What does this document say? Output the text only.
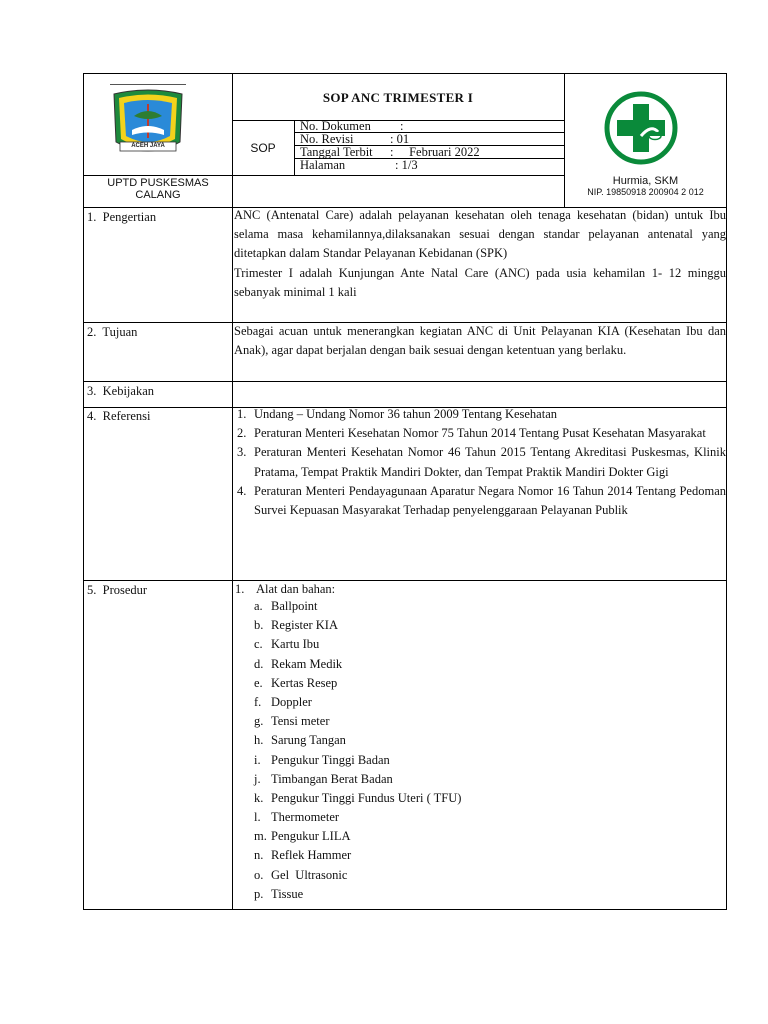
ACEH JAYA
SOP ANC TRIMESTER I
SOP
No. Dokumen :
No. Revisi	: 01
Tanggal Terbit :     Februari 2022
Halaman	: 1/3
UPTD PUSKESMAS
CALANG
Hurmia, SKM
NIP. 19850918 200904 2 012
1.  Pengertian	ANC (Antenatal Care) adalah pelayanan kesehatan oleh tenaga kesehatan (bidan) untuk Ibu selama masa kehamilannya,dilaksanakan sesuai dengan standar pelayanan antenatal yang ditetapkan dalam Standar Pelayanan Kebidanan (SPK)
Trimester I adalah Kunjungan Ante Natal Care (ANC) pada usia kehamilan 1- 12 minggu sebanyak minimal 1 kali
2.  Tujuan	Sebagai acuan untuk menerangkan kegiatan ANC di Unit Pelayanan KIA (Kesehatan Ibu dan Anak), agar dapat berjalan dengan baik sesuai dengan ketentuan yang berlaku.
3.  Kebijakan
4.  Referensi	1. Undang – Undang Nomor 36 tahun 2009 Tentang Kesehatan
2. Peraturan Menteri Kesehatan Nomor 75 Tahun 2014 Tentang Pusat Kesehatan Masyarakat
3. Peraturan Menteri Kesehatan Nomor 46 Tahun 2015 Tentang Akreditasi Puskesmas, Klinik Pratama, Tempat Praktik Mandiri Dokter, dan Tempat Praktik Mandiri Dokter Gigi
4. Peraturan Menteri Pendayagunaan Aparatur Negara Nomor 16 Tahun 2014 Tentang Pedoman Survei Kepuasan Masyarakat Terhadap penyelenggaraan Pelayanan Publik
5.  Prosedur	1. Alat dan bahan:
a. Ballpoint
b. Register KIA
c. Kartu Ibu
d. Rekam Medik
e. Kertas Resep
f. Doppler
g. Tensi meter
h. Sarung Tangan
i. Pengukur Tinggi Badan
j. Timbangan Berat Badan
k. Pengukur Tinggi Fundus Uteri ( TFU)
l. Thermometer
m. Pengukur LILA
n. Reflek Hammer
o. Gel  Ultrasonic
p. Tissue
